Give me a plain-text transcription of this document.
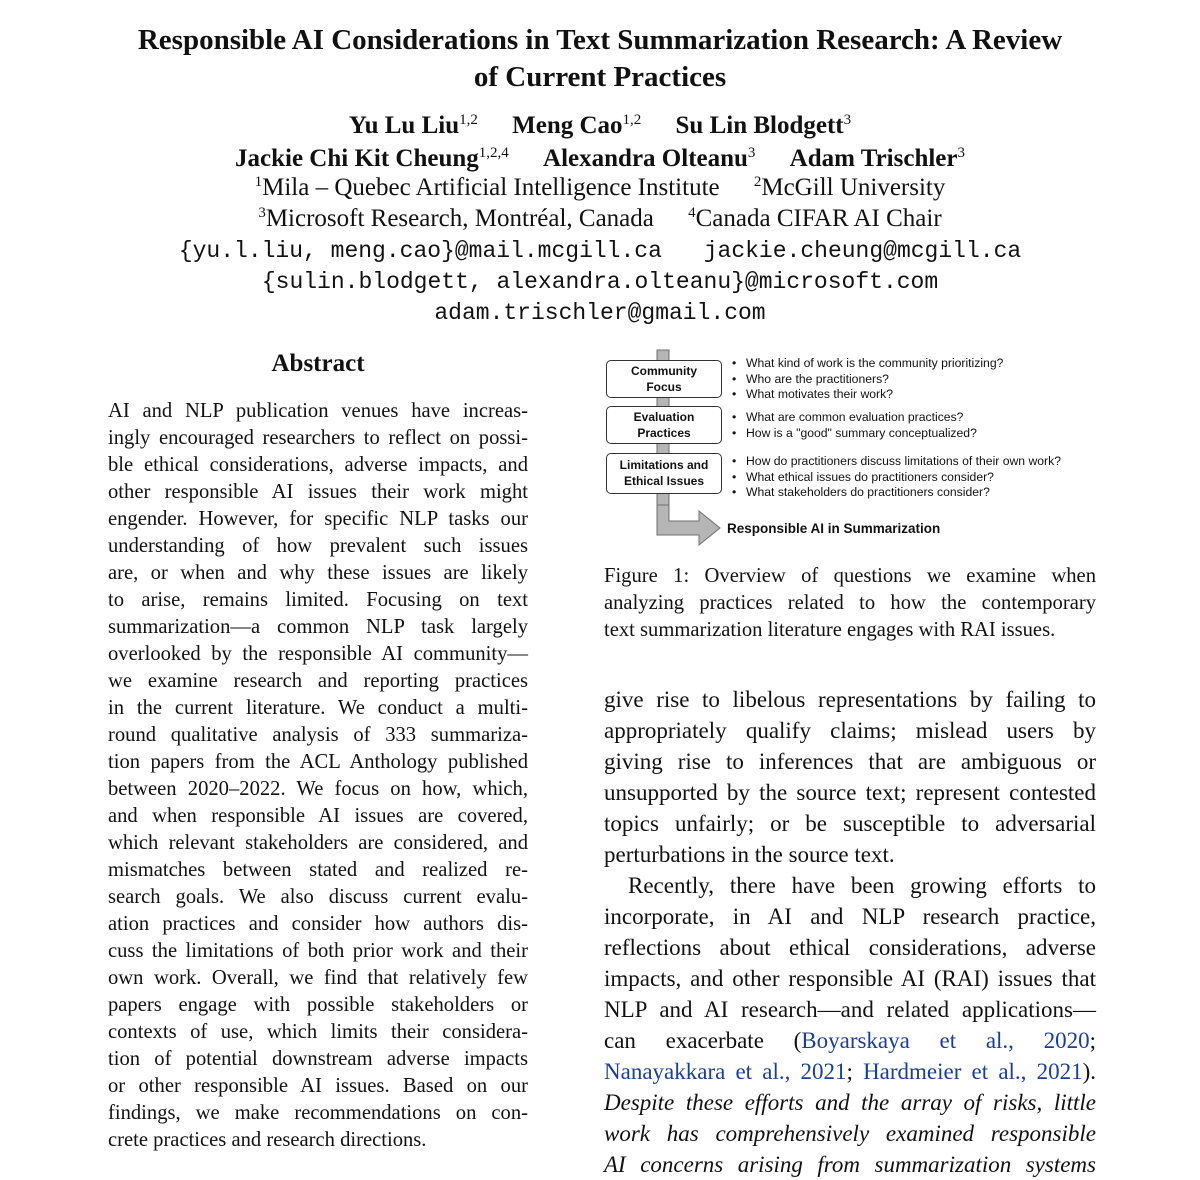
Responsible AI Considerations in Text Summarization Research: A Review
of Current Practices
Yu Lu Liu$^{1,2}$ Meng Cao$^{1,2}$ Su Lin Blodgett$^3$
Jackie Chi Kit Cheung$^{1,2,4}$ Alexandra Olteanu$^3$ Adam Trischler$^3$
$^1$Mila – Quebec Artificial Intelligence Institute $^2$McGill University
$^3$Microsoft Research, Montréal, Canada $^4$Canada CIFAR AI Chair
{yu.l.liu, meng.cao}@mail.mcgill.ca jackie.cheung@mcgill.ca
{sulin.blodgett, alexandra.olteanu}@microsoft.com
adam.trischler@gmail.com
Abstract
AI and NLP publication venues have increas-
ingly encouraged researchers to reflect on possi-
ble ethical considerations, adverse impacts, and
other responsible AI issues their work might
engender. However, for specific NLP tasks our
understanding of how prevalent such issues
are, or when and why these issues are likely
to arise, remains limited. Focusing on text
summarization—a common NLP task largely
overlooked by the responsible AI community—
we examine research and reporting practices
in the current literature. We conduct a multi-
round qualitative analysis of 333 summariza-
tion papers from the ACL Anthology published
between 2020–2022. We focus on how, which,
and when responsible AI issues are covered,
which relevant stakeholders are considered, and
mismatches between stated and realized re-
search goals. We also discuss current evalu-
ation practices and consider how authors dis-
cuss the limitations of both prior work and their
own work. Overall, we find that relatively few
papers engage with possible stakeholders or
contexts of use, which limits their considera-
tion of potential downstream adverse impacts
or other responsible AI issues. Based on our
findings, we make recommendations on con-
crete practices and research directions.
Community
Focus
• What kind of work is the community prioritizing?
• Who are the practitioners?
• What motivates their work?
Evaluation
Practices
• What are common evaluation practices?
• How is a "good" summary conceptualized?
Limitations and
Ethical Issues
• How do practitioners discuss limitations of their own work?
• What ethical issues do practitioners consider?
• What stakeholders do practitioners consider?
Responsible AI in Summarization
Figure 1: Overview of questions we examine when
analyzing practices related to how the contemporary
text summarization literature engages with RAI issues.
give rise to libelous representations by failing to
appropriately qualify claims; mislead users by
giving rise to inferences that are ambiguous or
unsupported by the source text; represent contested
topics unfairly; or be susceptible to adversarial
perturbations in the source text.
Recently, there have been growing efforts to
incorporate, in AI and NLP research practice,
reflections about ethical considerations, adverse
impacts, and other responsible AI (RAI) issues that
NLP and AI research—and related applications—
can   exacerbate   (Boyarskaya   et   al.,   2020;
Nanayakkara et al., 2021; Hardmeier et al., 2021).
Despite these efforts and the array of risks, little
work has comprehensively examined responsible
AI concerns arising from summarization systems
